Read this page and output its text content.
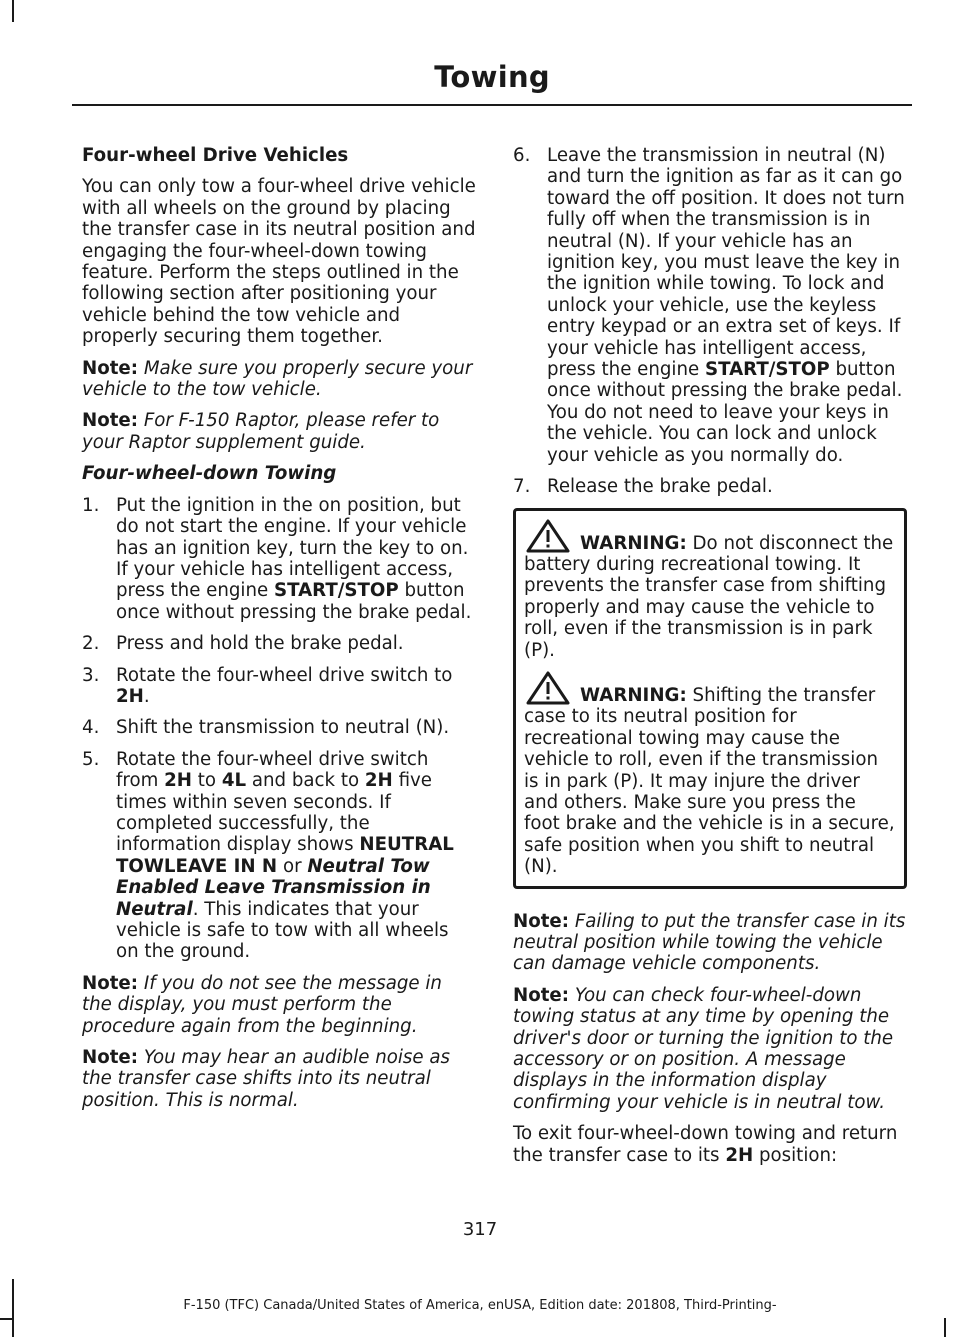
Towing

Four-wheel Drive Vehicles

You can only tow a four-wheel drive vehicle with all wheels on the ground by placing the transfer case in its neutral position and engaging the four-wheel-down towing feature. Perform the steps outlined in the following section after positioning your vehicle behind the tow vehicle and properly securing them together.

Note: Make sure you properly secure your vehicle to the tow vehicle.

Note: For F-150 Raptor, please refer to your Raptor supplement guide.

Four-wheel-down Towing

1. Put the ignition in the on position, but do not start the engine. If your vehicle has an ignition key, turn the key to on. If your vehicle has intelligent access, press the engine START/STOP button once without pressing the brake pedal.
2. Press and hold the brake pedal.
3. Rotate the four-wheel drive switch to 2H.
4. Shift the transmission to neutral (N).
5. Rotate the four-wheel drive switch from 2H to 4L and back to 2H five times within seven seconds. If completed successfully, the information display shows NEUTRAL TOWLEAVE IN N or Neutral Tow Enabled Leave Transmission in Neutral. This indicates that your vehicle is safe to tow with all wheels on the ground.

Note: If you do not see the message in the display, you must perform the procedure again from the beginning.

Note: You may hear an audible noise as the transfer case shifts into its neutral position. This is normal.

6. Leave the transmission in neutral (N) and turn the ignition as far as it can go toward the off position. It does not turn fully off when the transmission is in neutral (N). If your vehicle has an ignition key, you must leave the key in the ignition while towing. To lock and unlock your vehicle, use the keyless entry keypad or an extra set of keys. If your vehicle has intelligent access, press the engine START/STOP button once without pressing the brake pedal. You do not need to leave your keys in the vehicle. You can lock and unlock your vehicle as you normally do.
7. Release the brake pedal.

WARNING: Do not disconnect the battery during recreational towing. It prevents the transfer case from shifting properly and may cause the vehicle to roll, even if the transmission is in park (P).

WARNING: Shifting the transfer case to its neutral position for recreational towing may cause the vehicle to roll, even if the transmission is in park (P). It may injure the driver and others. Make sure you press the foot brake and the vehicle is in a secure, safe position when you shift to neutral (N).

Note: Failing to put the transfer case in its neutral position while towing the vehicle can damage vehicle components.

Note: You can check four-wheel-down towing status at any time by opening the driver's door or turning the ignition to the accessory or on position. A message displays in the information display confirming your vehicle is in neutral tow.

To exit four-wheel-down towing and return the transfer case to its 2H position:

317
F-150 (TFC) Canada/United States of America, enUSA, Edition date: 201808, Third-Printing-
